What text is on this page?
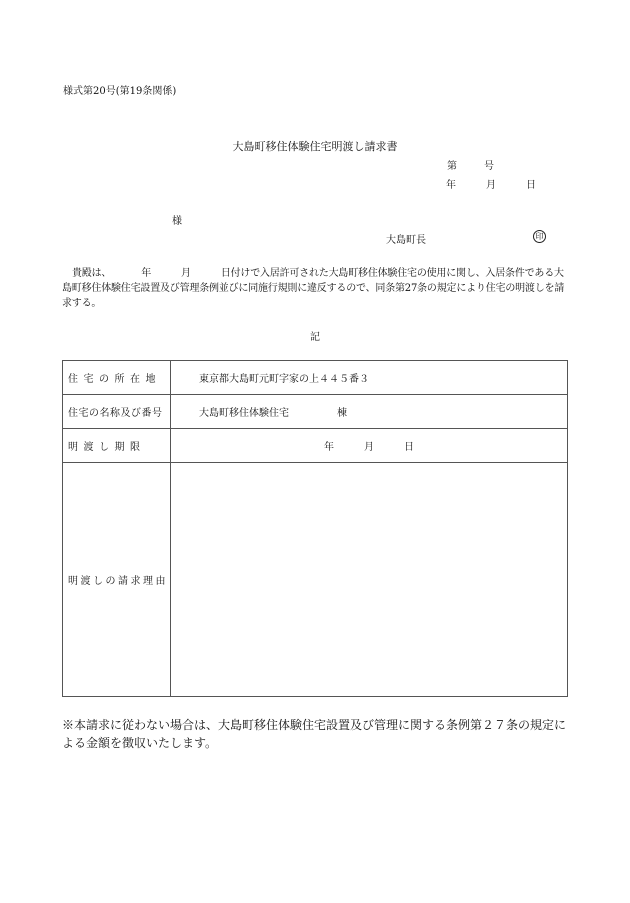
様式第20号(第19条関係)
大島町移住体験住宅明渡し請求書
第	号
年	月	日
様
大島町長	印
貴殿は、	年	月	日付けで入居許可された大島町移住体験住宅の使用に関し、入居条件である大島町移住体験住宅設置及び管理条例並びに同施行規則に違反するので、同条第27条の規定により住宅の明渡しを請求する。
記
住宅の所在地	東京都大島町元町字家の上４４５番３
住宅の名称及び番号	大島町移住体験住宅 棟
明渡し期限	年 月 日
明渡しの請求理由	
※本請求に従わない場合は、大島町移住体験住宅設置及び管理に関する条例第２７条の規定による金額を徴収いたします。
